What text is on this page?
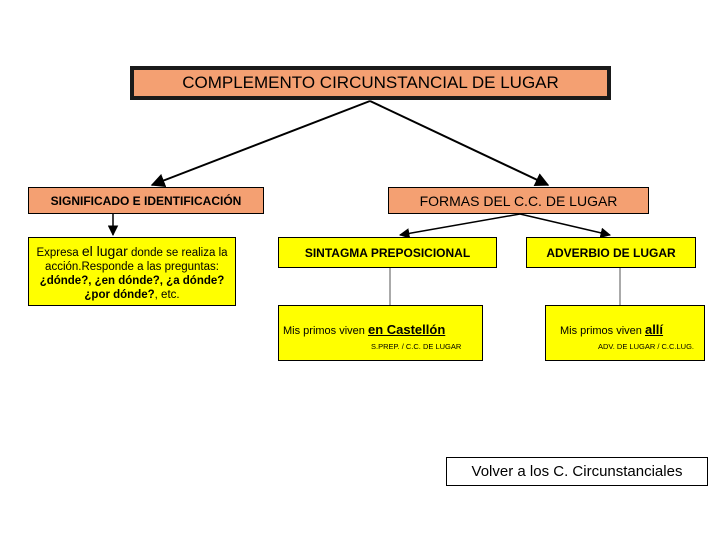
COMPLEMENTO CIRCUNSTANCIAL DE LUGAR
SIGNIFICADO E IDENTIFICACIÓN	FORMAS DEL C.C. DE LUGAR
Expresa el lugar donde se realiza la acción.Responde a las preguntas: ¿dónde?, ¿en dónde?, ¿a dónde? ¿por dónde?, etc.
SINTAGMA PREPOSICIONAL	ADVERBIO DE LUGAR
Mis primos viven en Castellón
S.PREP. / C.C. DE LUGAR
Mis primos viven allí
ADV. DE LUGAR / C.C.LUG.
Volver a los C. Circunstanciales
